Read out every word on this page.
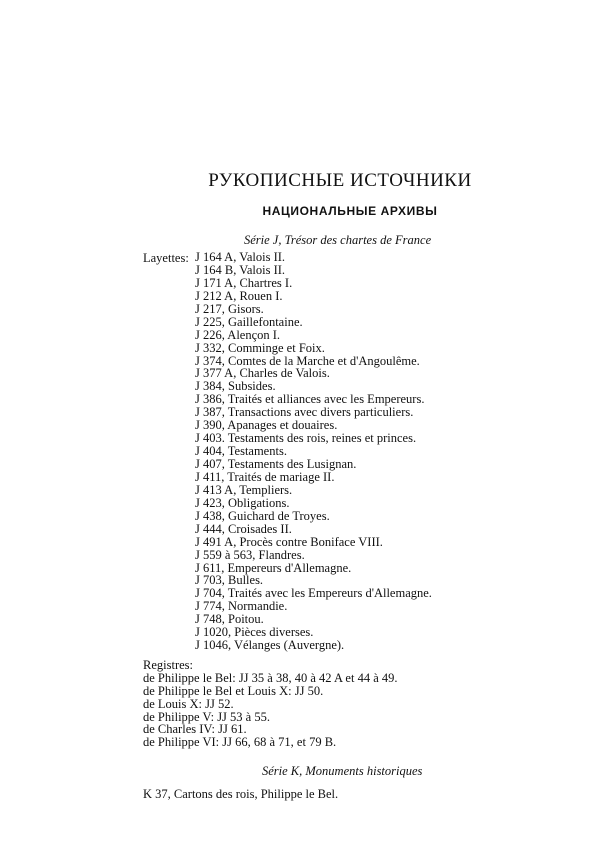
РУКОПИСНЫЕ ИСТОЧНИКИ
НАЦИОНАЛЬНЫЕ АРХИВЫ
Série J, Trésor des chartes de France
Layettes: J 164 A, Valois II.
J 164 B, Valois II.
J 171 A, Chartres I.
J 212 A, Rouen I.
J 217, Gisors.
J 225, Gaillefontaine.
J 226, Alençon I.
J 332, Comminge et Foix.
J 374, Comtes de la Marche et d'Angoulême.
J 377 A, Charles de Valois.
J 384, Subsides.
J 386, Traités et alliances avec les Empereurs.
J 387, Transactions avec divers particuliers.
J 390, Apanages et douaires.
J 403. Testaments des rois, reines et princes.
J 404, Testaments.
J 407, Testaments des Lusignan.
J 411, Traités de mariage II.
J 413 A, Templiers.
J 423, Obligations.
J 438, Guichard de Troyes.
J 444, Croisades II.
J 491 A, Procès contre Boniface VIII.
J 559 à 563, Flandres.
J 611, Empereurs d'Allemagne.
J 703, Bulles.
J 704, Traités avec les Empereurs d'Allemagne.
J 774, Normandie.
J 748, Poitou.
J 1020, Pièces diverses.
J 1046, Vélanges (Auvergne).
Registres:
de Philippe le Bel: JJ 35 à 38, 40 à 42 A et 44 à 49.
de Philippe le Bel et Louis X: JJ 50.
de Louis X: JJ 52.
de Philippe V: JJ 53 à 55.
de Charles IV: JJ 61.
de Philippe VI: JJ 66, 68 à 71, et 79 B.
Série K, Monuments historiques
K 37, Cartons des rois, Philippe le Bel.
